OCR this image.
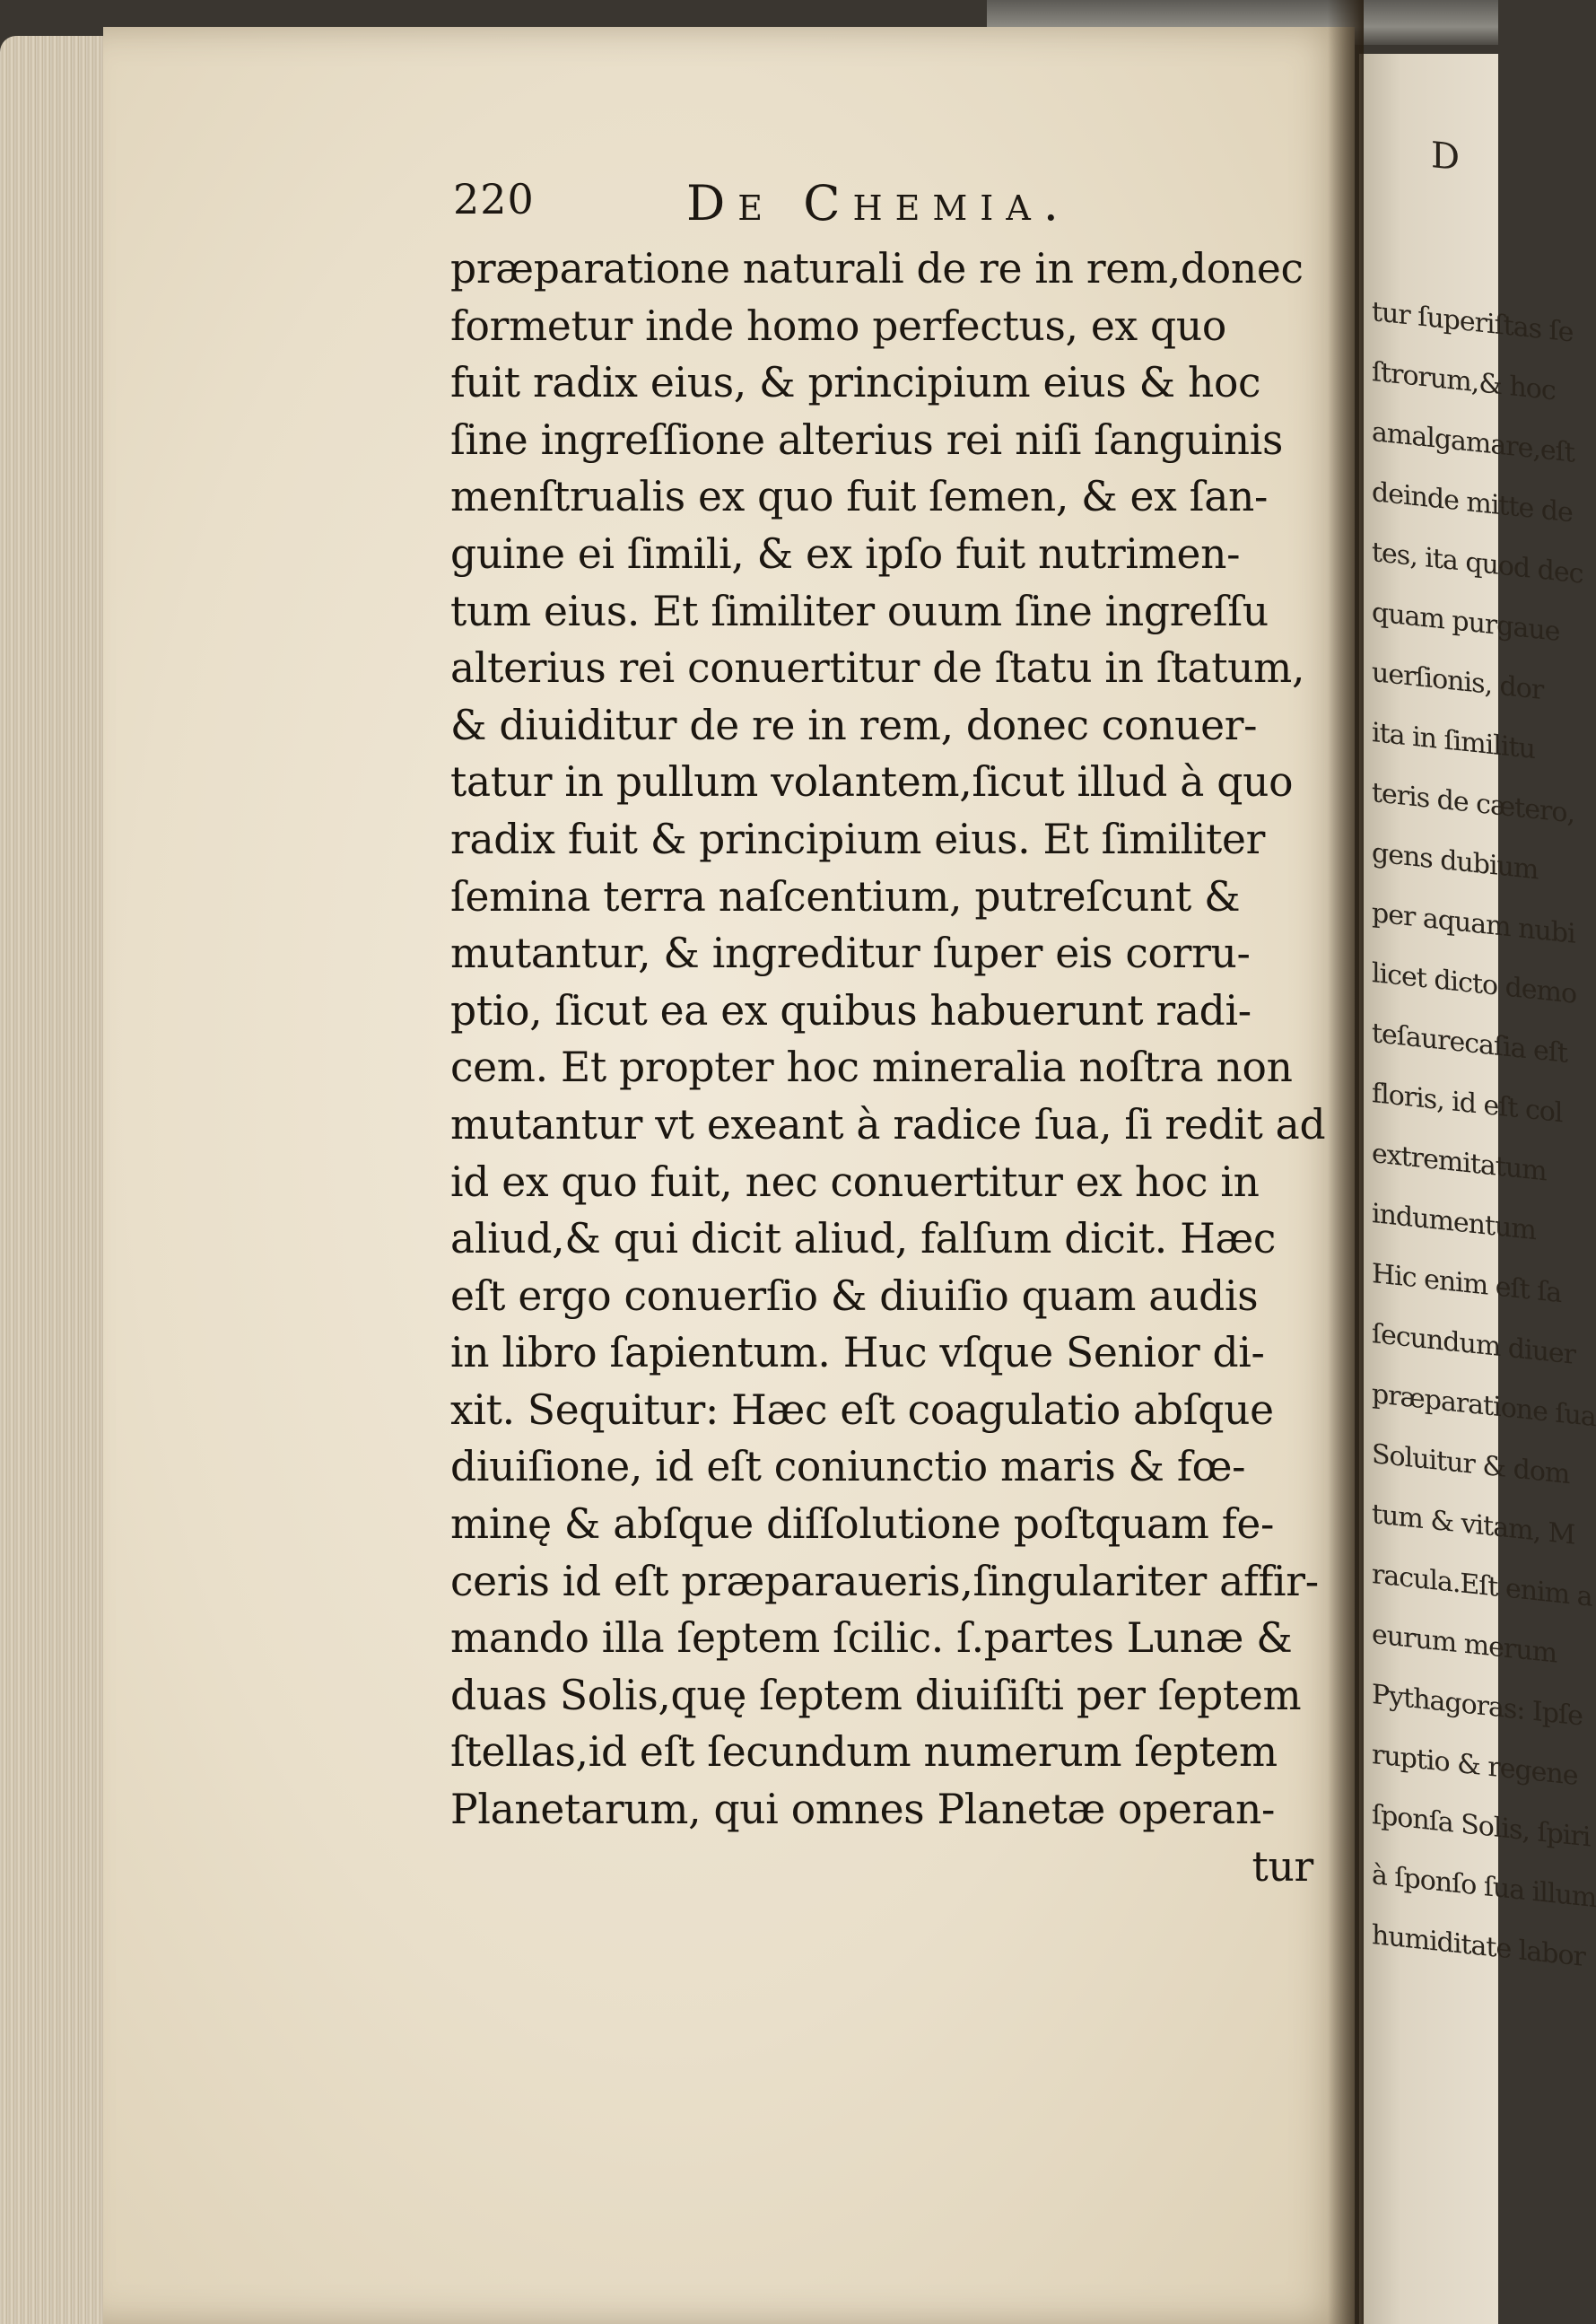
D
tur ſuperiſtas ſe
ſtrorum,& hoc
amalgamare,eſt
deinde mitte de
tes, ita quod dec
quam purgaue
uerſionis, dor
ita in ſimilitu
teris de cætero,
gens dubium
per aquam nubi
licet dicto demo
teſaurecaſia eſt
floris, id eſt col
extremitatum
indumentum
Hic enim eſt ſa
ſecundum diuer
præparatione ſua
Soluitur & dom
tum & vitam, M
racula.Eſt enim a
eurum merum
Pythagoras: Ipſe
ruptio & regene
ſponſa Solis, ſpiri
à ſponſo ſua illum
humiditate labor
220	De Chemia.
præparatione naturali de re in rem,donec
formetur inde homo perfectus, ex quo
fuit radix eius, & principium eius & hoc
ſine ingreſſione alterius rei niſi ſanguinis
menſtrualis ex quo fuit ſemen, & ex ſan-
guine ei ſimili, & ex ipſo fuit nutrimen-
tum eius. Et ſimiliter ouum ſine ingreſſu
alterius rei conuertitur de ſtatu in ſtatum,
& diuiditur de re in rem, donec conuer-
tatur in pullum volantem,ſicut illud à quo
radix fuit & principium eius. Et ſimiliter
ſemina terra naſcentium, putreſcunt &
mutantur, & ingreditur ſuper eis corru-
ptio, ſicut ea ex quibus habuerunt radi-
cem. Et propter hoc mineralia noſtra non
mutantur vt exeant à radice ſua, ſi redit ad
id ex quo fuit, nec conuertitur ex hoc in
aliud,& qui dicit aliud, falſum dicit. Hæc
eſt ergo conuerſio & diuiſio quam audis
in libro ſapientum. Huc vſque Senior di-
xit. Sequitur: Hæc eſt coagulatio abſque
diuiſione, id eſt coniunctio maris & fœ-
minę & abſque diſſolutione poſtquam fe-
ceris id eſt præparaueris,ſingulariter affir-
mando illa ſeptem ſcilic. ſ.partes Lunæ &
duas Solis,quę ſeptem diuiſiſti per ſeptem
ſtellas,id eſt ſecundum numerum ſeptem
Planetarum, qui omnes Planetæ operan-
tur
